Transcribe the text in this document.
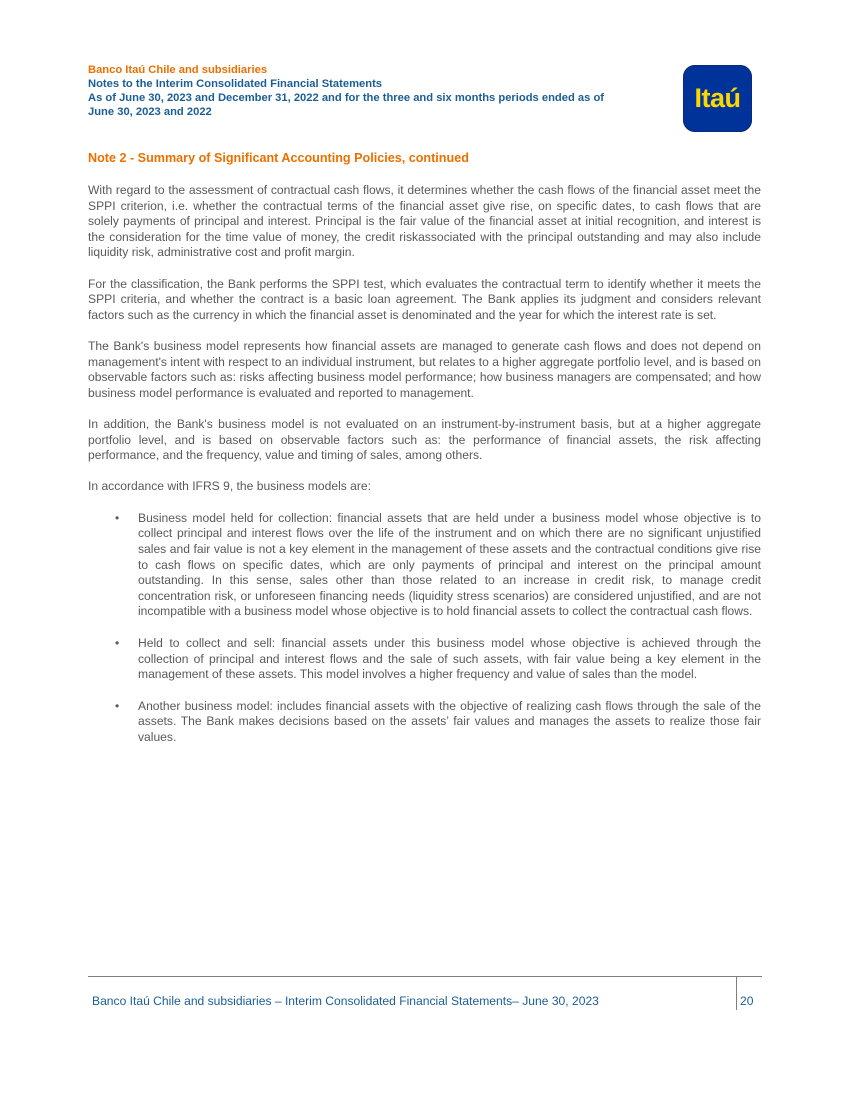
Banco Itaú Chile and subsidiaries
Notes to the Interim Consolidated Financial Statements
As of June 30, 2023 and December 31, 2022 and for the three and six months periods ended as of
June 30, 2023 and 2022	Itaú
Note 2 - Summary of Significant Accounting Policies, continued

With regard to the assessment of contractual cash flows, it determines whether the cash flows of the financial asset meet the SPPI criterion, i.e. whether the contractual terms of the financial asset give rise, on specific dates, to cash flows that are solely payments of principal and interest. Principal is the fair value of the financial asset at initial recognition, and interest is the consideration for the time value of money, the credit riskassociated with the principal outstanding and may also include liquidity risk, administrative cost and profit margin.

For the classification, the Bank performs the SPPI test, which evaluates the contractual term to identify whether it meets the SPPI criteria, and whether the contract is a basic loan agreement. The Bank applies its judgment and considers relevant factors such as the currency in which the financial asset is denominated and the year for which the interest rate is set.

The Bank's business model represents how financial assets are managed to generate cash flows and does not depend on management's intent with respect to an individual instrument, but relates to a higher aggregate portfolio level, and is based on observable factors such as: risks affecting business model performance; how business managers are compensated; and how business model performance is evaluated and reported to management.

In addition, the Bank's business model is not evaluated on an instrument-by-instrument basis, but at a higher aggregate portfolio level, and is based on observable factors such as: the performance of financial assets, the risk affecting performance, and the frequency, value and timing of sales, among others.

In accordance with IFRS 9, the business models are:

• Business model held for collection: financial assets that are held under a business model whose objective is to collect principal and interest flows over the life of the instrument and on which there are no significant unjustified sales and fair value is not a key element in the management of these assets and the contractual conditions give rise to cash flows on specific dates, which are only payments of principal and interest on the principal amount outstanding. In this sense, sales other than those related to an increase in credit risk, to manage credit concentration risk, or unforeseen financing needs (liquidity stress scenarios) are considered unjustified, and are not incompatible with a business model whose objective is to hold financial assets to collect the contractual cash flows.
• Held to collect and sell: financial assets under this business model whose objective is achieved through the collection of principal and interest flows and the sale of such assets, with fair value being a key element in the management of these assets. This model involves a higher frequency and value of sales than the model.
• Another business model: includes financial assets with the objective of realizing cash flows through the sale of the assets. The Bank makes decisions based on the assets’ fair values and manages the assets to realize those fair values.
Banco Itaú Chile and subsidiaries – Interim Consolidated Financial Statements– June 30, 2023	20
